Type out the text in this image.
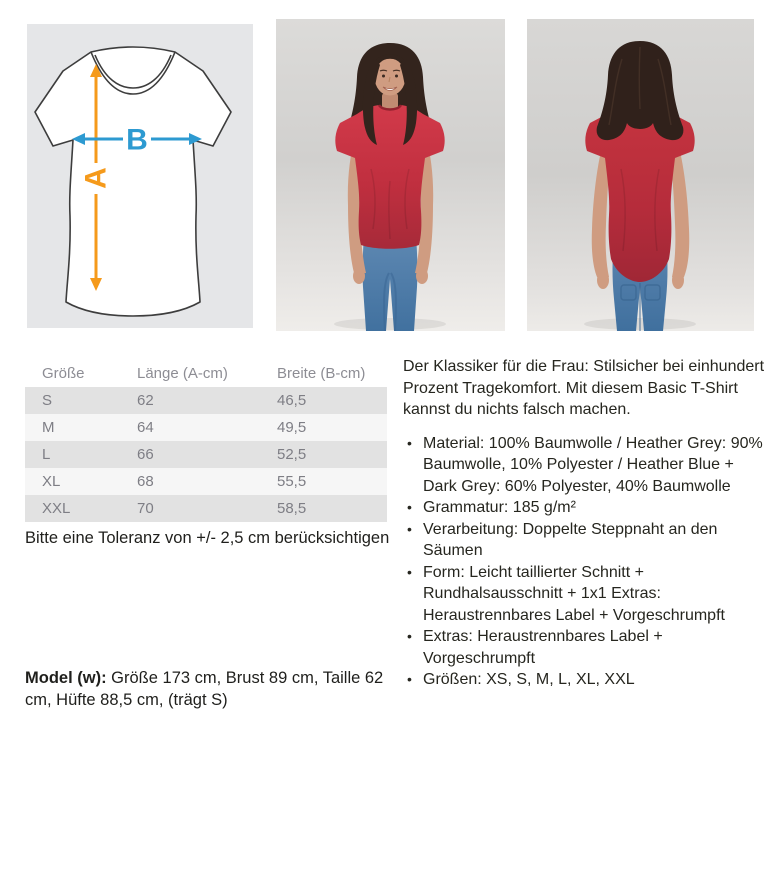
A
B
Größe	Länge (A-cm)	Breite (B-cm)
S	62	46,5
M	64	49,5
L	66	52,5
XL	68	55,5
XXL	70	58,5
Bitte eine Toleranz von +/- 2,5 cm berücksichtigen
Model (w): Größe 173 cm, Brust 89 cm, Taille 62 cm, Hüfte 88,5 cm, (trägt S)

Der Klassiker für die Frau: Stilsicher bei einhundert Prozent Tragekomfort. Mit diesem Basic T-Shirt kannst du nichts falsch machen.

• Material: 100% Baumwolle / Heather Grey: 90% Baumwolle, 10% Polyester / Heather Blue + Dark Grey: 60% Polyester, 40% Baumwolle
• Grammatur: 185 g/m²
• Verarbeitung: Doppelte Steppnaht an den Säumen
• Form: Leicht taillierter Schnitt + Rundhalsausschnitt + 1x1 Extras: Heraustrennbares Label + Vorgeschrumpft
• Extras: Heraustrennbares Label + Vorgeschrumpft
• Größen: XS, S, M, L, XL, XXL
